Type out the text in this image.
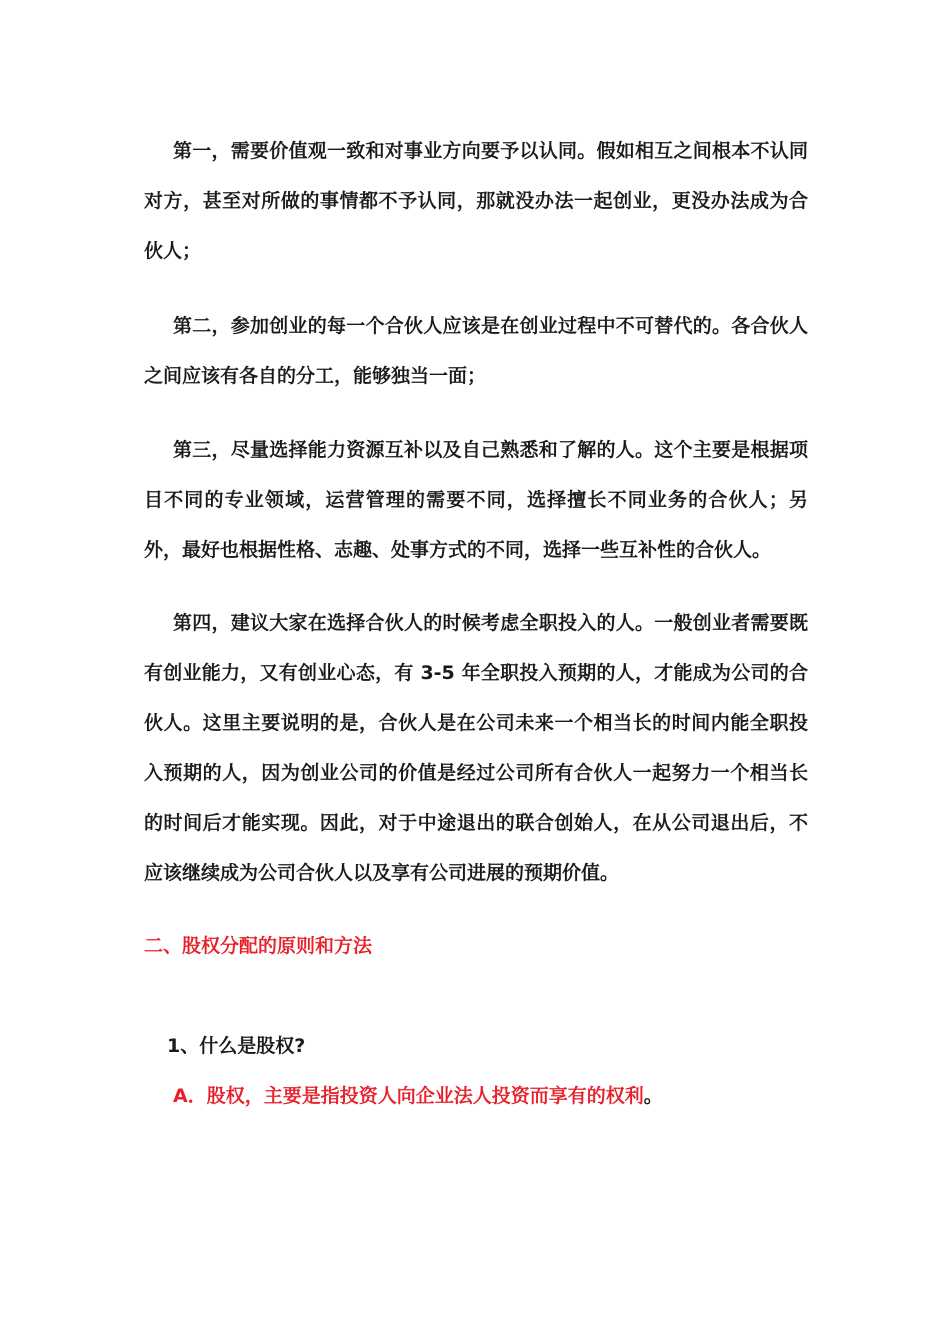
第一，需要价值观一致和对事业方向要予以认同。假如相互之间根本不认同对方，甚至对所做的事情都不予认同，那就没办法一起创业，更没办法成为合伙人；

第二，参加创业的每一个合伙人应该是在创业过程中不可替代的。各合伙人之间应该有各自的分工，能够独当一面；

第三，尽量选择能力资源互补以及自己熟悉和了解的人。这个主要是根据项目不同的专业领域，运营管理的需要不同，选择擅长不同业务的合伙人；另外，最好也根据性格、志趣、处事方式的不同，选择一些互补性的合伙人。

第四，建议大家在选择合伙人的时候考虑全职投入的人。一般创业者需要既有创业能力，又有创业心态，有 3-5 年全职投入预期的人，才能成为公司的合伙人。这里主要说明的是，合伙人是在公司未来一个相当长的时间内能全职投入预期的人，因为创业公司的价值是经过公司所有合伙人一起努力一个相当长的时间后才能实现。因此，对于中途退出的联合创始人，在从公司退出后，不应该继续成为公司合伙人以及享有公司进展的预期价值。

二、股权分配的原则和方法

1、什么是股权?

A．股权，主要是指投资人向企业法人投资而享有的权利。
